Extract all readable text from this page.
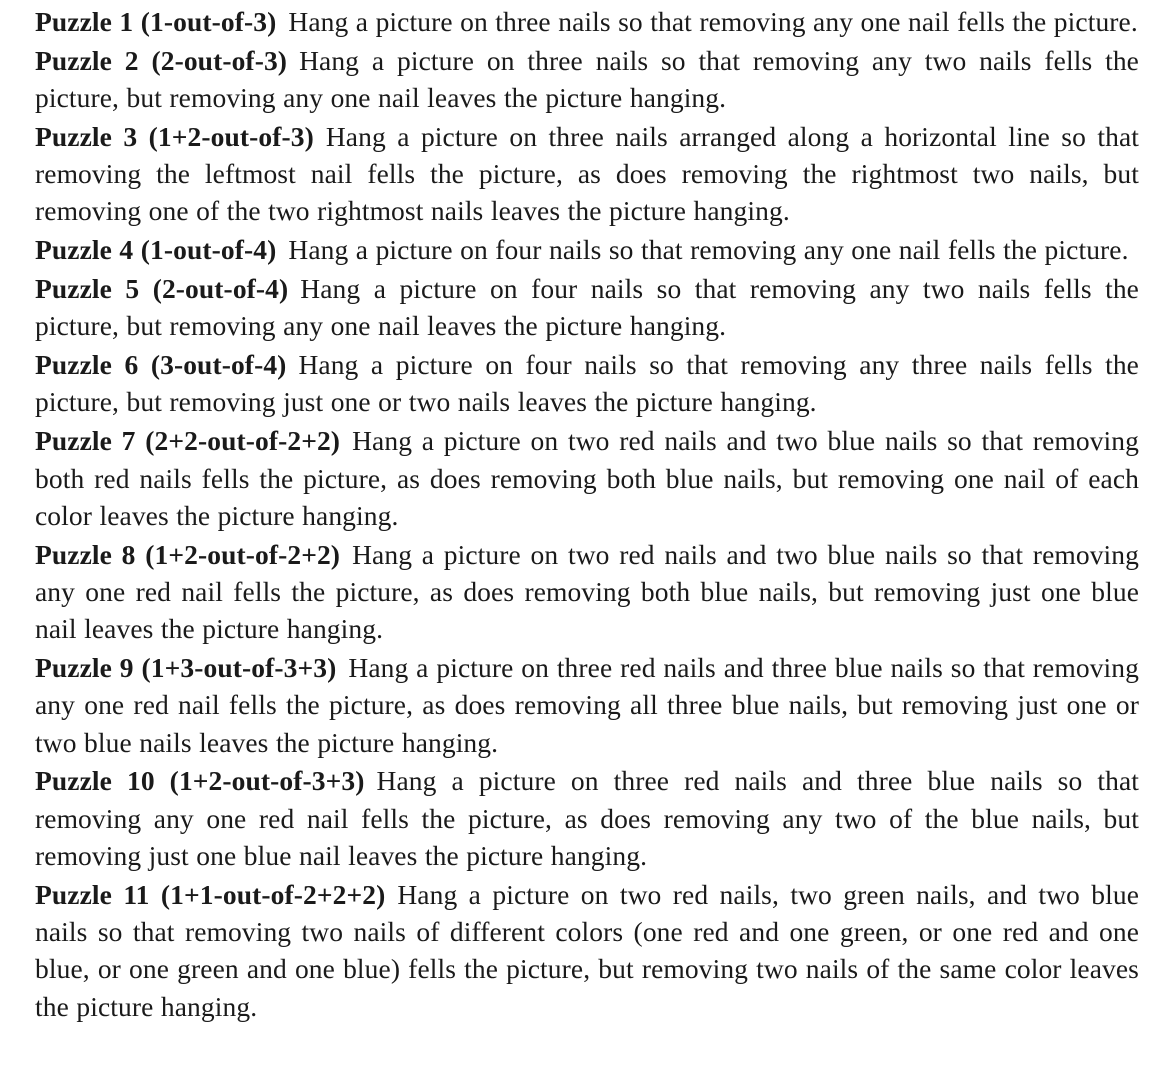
Puzzle 1 (1-out-of-3) Hang a picture on three nails so that removing any one nail fells the picture.

Puzzle 2 (2-out-of-3) Hang a picture on three nails so that removing any two nails fells the picture, but removing any one nail leaves the picture hanging.

Puzzle 3 (1+2-out-of-3) Hang a picture on three nails arranged along a horizontal line so that removing the leftmost nail fells the picture, as does removing the rightmost two nails, but removing one of the two rightmost nails leaves the picture hanging.

Puzzle 4 (1-out-of-4) Hang a picture on four nails so that removing any one nail fells the picture.

Puzzle 5 (2-out-of-4) Hang a picture on four nails so that removing any two nails fells the picture, but removing any one nail leaves the picture hanging.

Puzzle 6 (3-out-of-4) Hang a picture on four nails so that removing any three nails fells the picture, but removing just one or two nails leaves the picture hanging.

Puzzle 7 (2+2-out-of-2+2) Hang a picture on two red nails and two blue nails so that removing both red nails fells the picture, as does removing both blue nails, but removing one nail of each color leaves the picture hanging.

Puzzle 8 (1+2-out-of-2+2) Hang a picture on two red nails and two blue nails so that removing any one red nail fells the picture, as does removing both blue nails, but removing just one blue nail leaves the picture hanging.

Puzzle 9 (1+3-out-of-3+3) Hang a picture on three red nails and three blue nails so that removing any one red nail fells the picture, as does removing all three blue nails, but removing just one or two blue nails leaves the picture hanging.

Puzzle 10 (1+2-out-of-3+3) Hang a picture on three red nails and three blue nails so that removing any one red nail fells the picture, as does removing any two of the blue nails, but removing just one blue nail leaves the picture hanging.

Puzzle 11 (1+1-out-of-2+2+2) Hang a picture on two red nails, two green nails, and two blue nails so that removing two nails of different colors (one red and one green, or one red and one blue, or one green and one blue) fells the picture, but removing two nails of the same color leaves the picture hanging.
